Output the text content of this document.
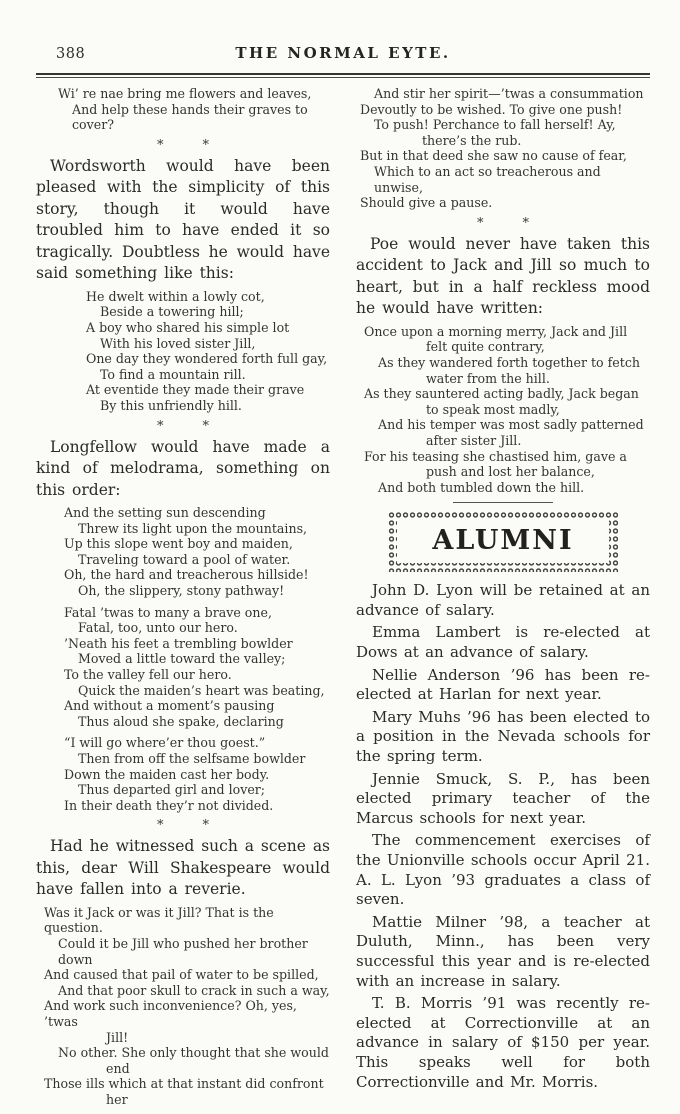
388	THE NORMAL EYTE.
Wi’ re nae bring me flowers and leaves,
And help these hands their graves to cover?
*   *

Wordsworth would have been pleased with the simplicity of this story, though it would have troubled him to have ended it so tragically. Doubtless he would have said something like this:

He dwelt within a lowly cot,
Beside a towering hill;
A boy who shared his simple lot
With his loved sister Jill,
One day they wondered forth full gay,
To find a mountain rill.
At eventide they made their grave
By this unfriendly hill.
*   *

Longfellow would have made a kind of melodrama, something on this order:

And the setting sun descending
Threw its light upon the mountains,
Up this slope went boy and maiden,
Traveling toward a pool of water.
Oh, the hard and treacherous hillside!
Oh, the slippery, stony pathway!
Fatal ’twas to many a brave one,
Fatal, too, unto our hero.
’Neath his feet a trembling bowlder
Moved a little toward the valley;
To the valley fell our hero.
Quick the maiden’s heart was beating,
And without a moment’s pausing
Thus aloud she spake, declaring
“I will go where’er thou goest.”
Then from off the selfsame bowlder
Down the maiden cast her body.
Thus departed girl and lover;
In their death they’r not divided.
*   *

Had he witnessed such a scene as this, dear Will Shakespeare would have fallen into a reverie.

Was it Jack or was it Jill? That is the question.
Could it be Jill who pushed her brother down
And caused that pail of water to be spilled,
And that poor skull to crack in such a way,
And work such inconvenience? Oh, yes, ’twas
Jill!
No other. She only thought that she would
end
Those ills which at that instant did confront
her
And stir her spirit—’twas a consummation
Devoutly to be wished. To give one push!
To push! Perchance to fall herself! Ay,
there’s the rub.
But in that deed she saw no cause of fear,
Which to an act so treacherous and unwise,
Should give a pause.
*   *

Poe would never have taken this accident to Jack and Jill so much to heart, but in a half reckless mood he would have written:

Once upon a morning merry, Jack and Jill
felt quite contrary,
As they wandered forth together to fetch
water from the hill.
As they sauntered acting badly, Jack began
to speak most madly,
And his temper was most sadly patterned
after sister Jill.
For his teasing she chastised him, gave a
push and lost her balance,
And both tumbled down the hill.
ALUMNI

John D. Lyon will be retained at an advance of salary.

Emma Lambert is re-elected at Dows at an advance of salary.

Nellie Anderson ’96 has been re-elected at Harlan for next year.

Mary Muhs ’96 has been elected to a position in the Nevada schools for the spring term.

Jennie Smuck, S. P., has been elected primary teacher of the Marcus schools for next year.

The commencement exercises of the Unionville schools occur April 21. A. L. Lyon ’93 graduates a class of seven.

Mattie Milner ’98, a teacher at Duluth, Minn., has been very successful this year and is re-elected with an increase in salary.

T. B. Morris ’91 was recently re-elected at Correctionville at an advance in salary of $150 per year. This speaks well for both Correctionville and Mr. Morris.
